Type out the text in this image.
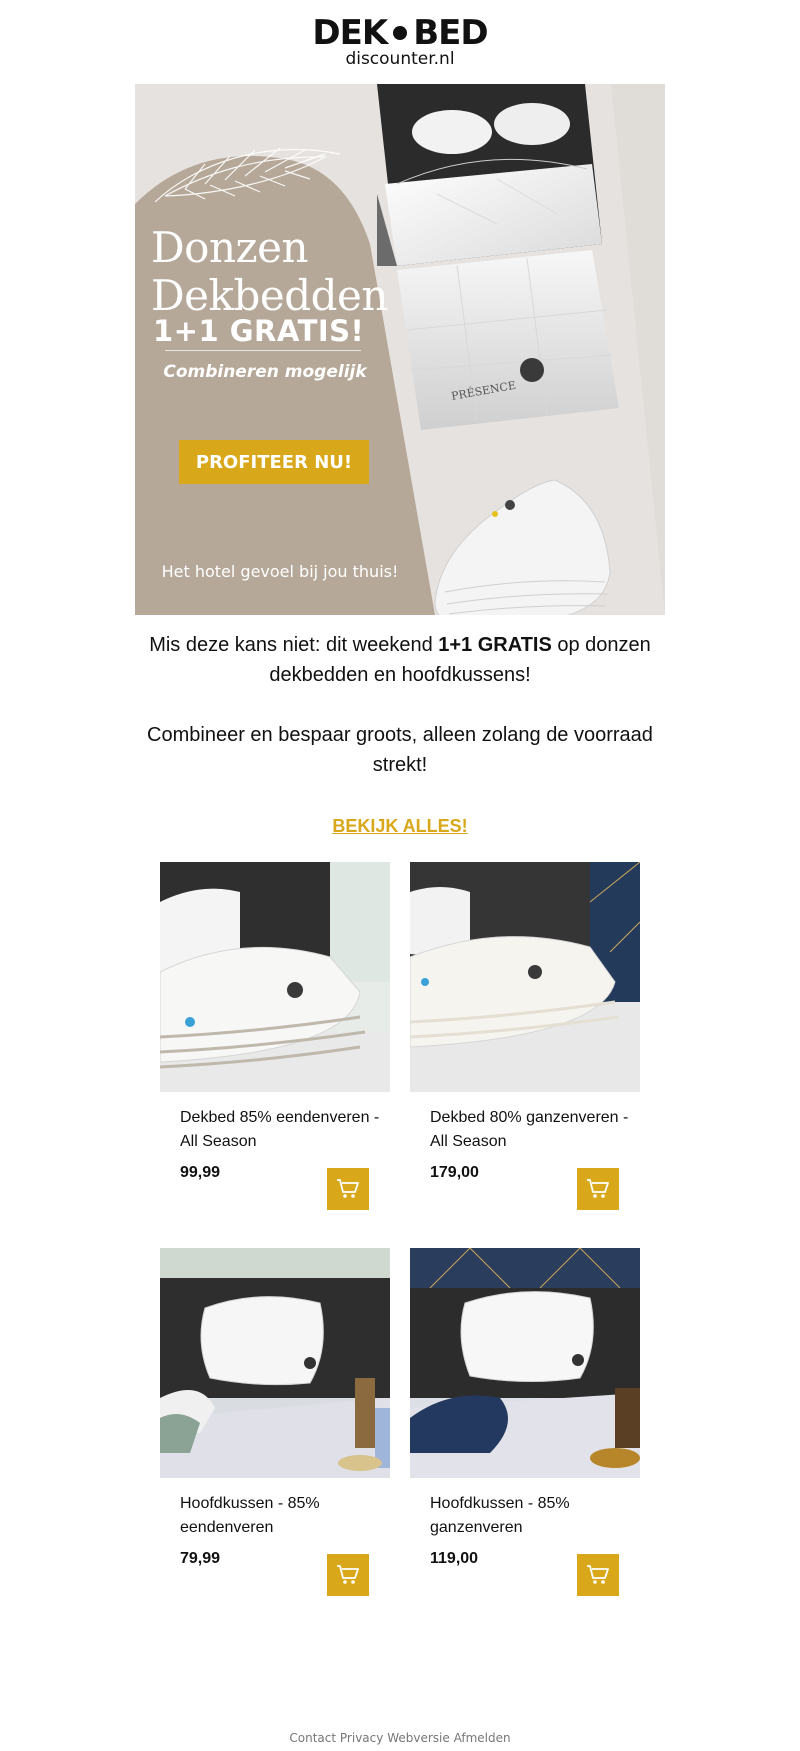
DEK BED
discounter.nl
PRÉSENCE
Donzen
Dekbedden
1+1 GRATIS!
Combineren mogelijk
PROFITEER NU!
Het hotel gevoel bij jou thuis!

Mis deze kans niet: dit weekend 1+1 GRATIS op donzen dekbedden en hoofdkussens!

Combineer en bespaar groots, alleen zolang de voorraad strekt!

BEKIJK ALLES!
Dekbed 85% eendenveren - All Season
99,99
Dekbed 80% ganzenveren - All Season
179,00
Hoofdkussen - 85% eendenveren
79,99
Hoofdkussen - 85% ganzenveren
119,00
Contact Privacy Webversie Afmelden
